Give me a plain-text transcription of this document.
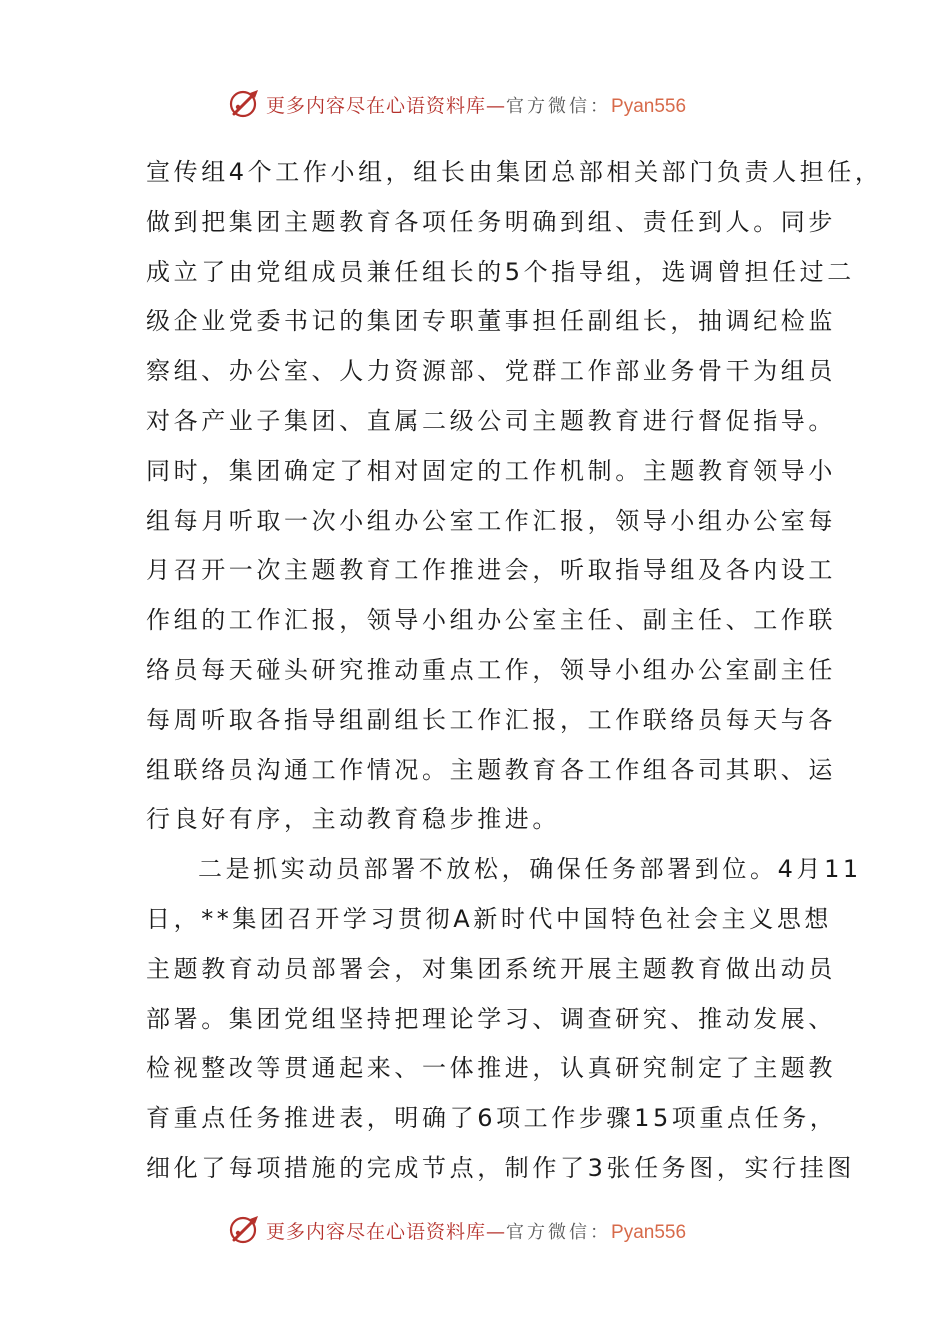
更多内容尽在心语资料库—官方微信：Pyan556
宣传组4个工作小组，组长由集团总部相关部门负责人担任，
做到把集团主题教育各项任务明确到组、责任到人。同步
成立了由党组成员兼任组长的5个指导组，选调曾担任过二
级企业党委书记的集团专职董事担任副组长，抽调纪检监
察组、办公室、人力资源部、党群工作部业务骨干为组员
对各产业子集团、直属二级公司主题教育进行督促指导。
同时，集团确定了相对固定的工作机制。主题教育领导小
组每月听取一次小组办公室工作汇报，领导小组办公室每
月召开一次主题教育工作推进会，听取指导组及各内设工
作组的工作汇报，领导小组办公室主任、副主任、工作联
络员每天碰头研究推动重点工作，领导小组办公室副主任
每周听取各指导组副组长工作汇报，工作联络员每天与各
组联络员沟通工作情况。主题教育各工作组各司其职、运
行良好有序，主动教育稳步推进。
二是抓实动员部署不放松，确保任务部署到位。4月11
日，**集团召开学习贯彻A新时代中国特色社会主义思想
主题教育动员部署会，对集团系统开展主题教育做出动员
部署。集团党组坚持把理论学习、调查研究、推动发展、
检视整改等贯通起来、一体推进，认真研究制定了主题教
育重点任务推进表，明确了6项工作步骤15项重点任务，
细化了每项措施的完成节点，制作了3张任务图，实行挂图
更多内容尽在心语资料库—官方微信：Pyan556
